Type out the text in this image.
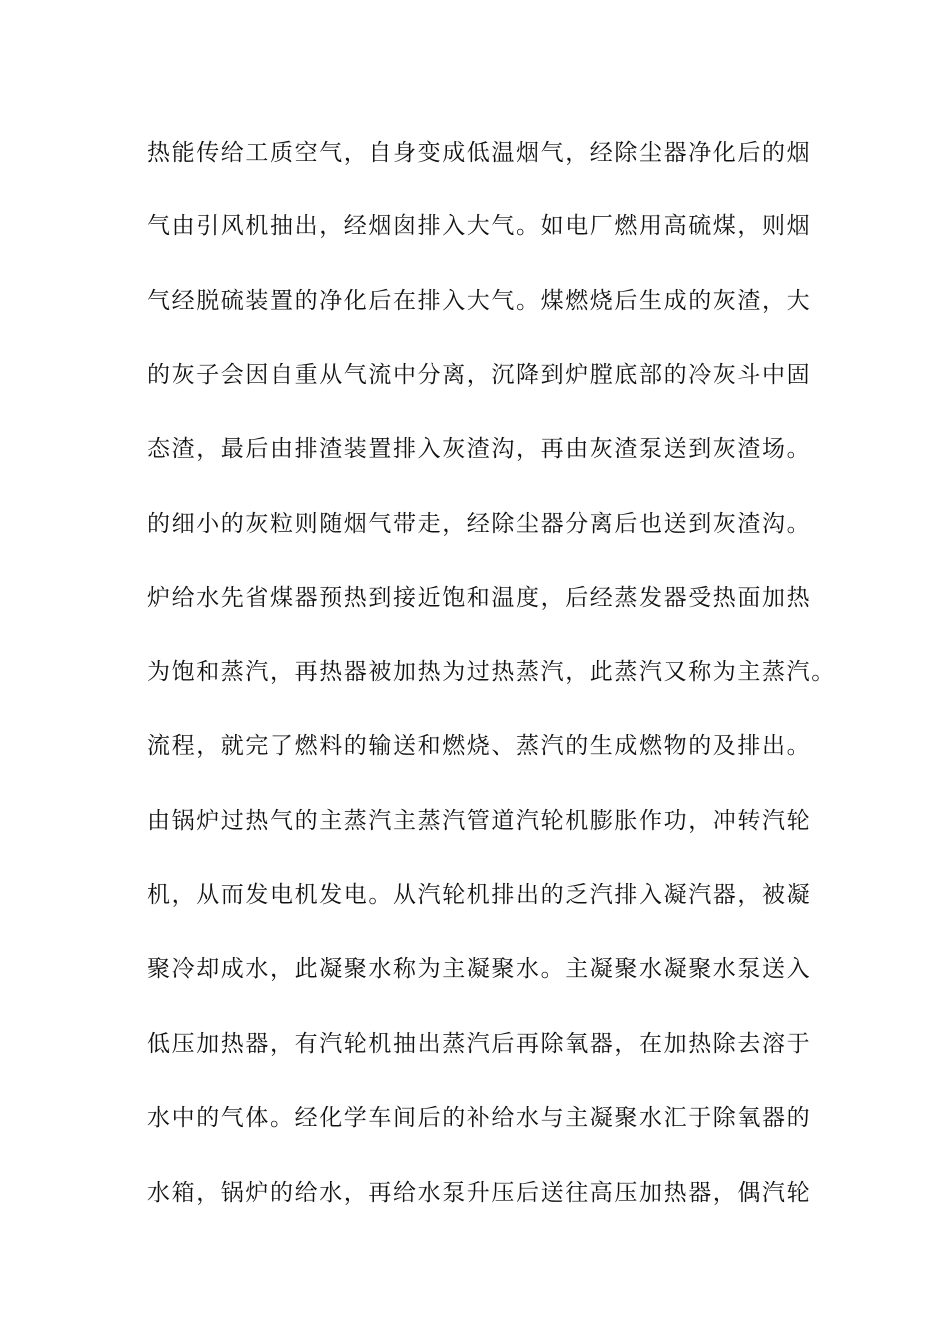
热能传给工质空气，自身变成低温烟气，经除尘器净化后的烟
气由引风机抽出，经烟囱排入大气。如电厂燃用高硫煤，则烟
气经脱硫装置的净化后在排入大气。煤燃烧后生成的灰渣，大
的灰子会因自重从气流中分离，沉降到炉膛底部的冷灰斗中固
态渣，最后由排渣装置排入灰渣沟，再由灰渣泵送到灰渣场。
的细小的灰粒则随烟气带走，经除尘器分离后也送到灰渣沟。
炉给水先省煤器预热到接近饱和温度，后经蒸发器受热面加热
为饱和蒸汽，再热器被加热为过热蒸汽，此蒸汽又称为主蒸汽。
流程，就完了燃料的输送和燃烧、蒸汽的生成燃物的及排出。
由锅炉过热气的主蒸汽主蒸汽管道汽轮机膨胀作功，冲转汽轮
机，从而发电机发电。从汽轮机排出的乏汽排入凝汽器，被凝
聚冷却成水，此凝聚水称为主凝聚水。主凝聚水凝聚水泵送入
低压加热器，有汽轮机抽出蒸汽后再除氧器，在加热除去溶于
水中的气体。经化学车间后的补给水与主凝聚水汇于除氧器的
水箱，锅炉的给水，再给水泵升压后送往高压加热器，偶汽轮
